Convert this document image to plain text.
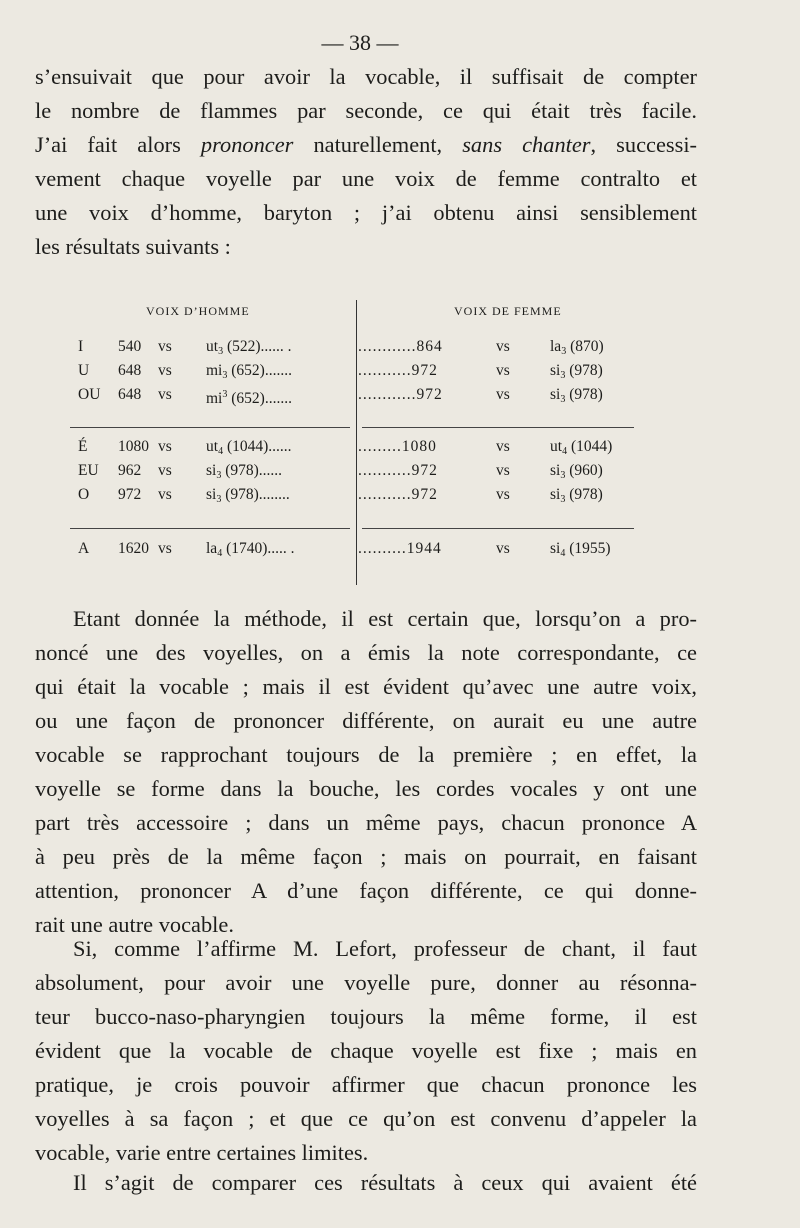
— 38 —
s’ensuivait que pour avoir la vocable, il suffisait de compter
le nombre de flammes par seconde, ce qui était très facile.
J’ai fait alors prononcer naturellement, sans chanter, successi-
vement chaque voyelle par une voix de femme contralto et
une voix d’homme, baryton ; j’ai obtenu ainsi sensiblement
les résultats suivants :
VOIX D’HOMME	VOIX DE FEMME
I 540 vs $ut_3$ (522)...... .	............864	vs	$la_3$ (870)
U 648 vs $mi_3$ (652).......	...........972	vs	$si_3$ (978)
OU 648 vs $mi^3$ (652).......	............972	vs	$si_3$ (978)
É 1080 vs $ut_4$ (1044)......	.........1080	vs	$ut_4$ (1044)
EU 962 vs $si_3$ (978)......	...........972	vs	$si_3$ (960)
O 972 vs $si_3$ (978)........	...........972	vs	$si_3$ (978)
A 1620 vs $la_4$ (1740)..... .	..........1944	vs	$si_4$ (1955)
Etant donnée la méthode, il est certain que, lorsqu’on a pro-
noncé une des voyelles, on a émis la note correspondante, ce
qui était la vocable ; mais il est évident qu’avec une autre voix,
ou une façon de prononcer différente, on aurait eu une autre
vocable se rapprochant toujours de la première ; en effet, la
voyelle se forme dans la bouche, les cordes vocales y ont une
part très accessoire ; dans un même pays, chacun prononce A
à peu près de la même façon ; mais on pourrait, en faisant
attention, prononcer A d’une façon différente, ce qui donne-
rait une autre vocable.
Si, comme l’affirme M. Lefort, professeur de chant, il faut
absolument, pour avoir une voyelle pure, donner au résonna-
teur bucco-naso-pharyngien toujours la même forme, il est
évident que la vocable de chaque voyelle est fixe ; mais en
pratique, je crois pouvoir affirmer que chacun prononce les
voyelles à sa façon ; et que ce qu’on est convenu d’appeler la
vocable, varie entre certaines limites.
Il s’agit de comparer ces résultats à ceux qui avaient été
